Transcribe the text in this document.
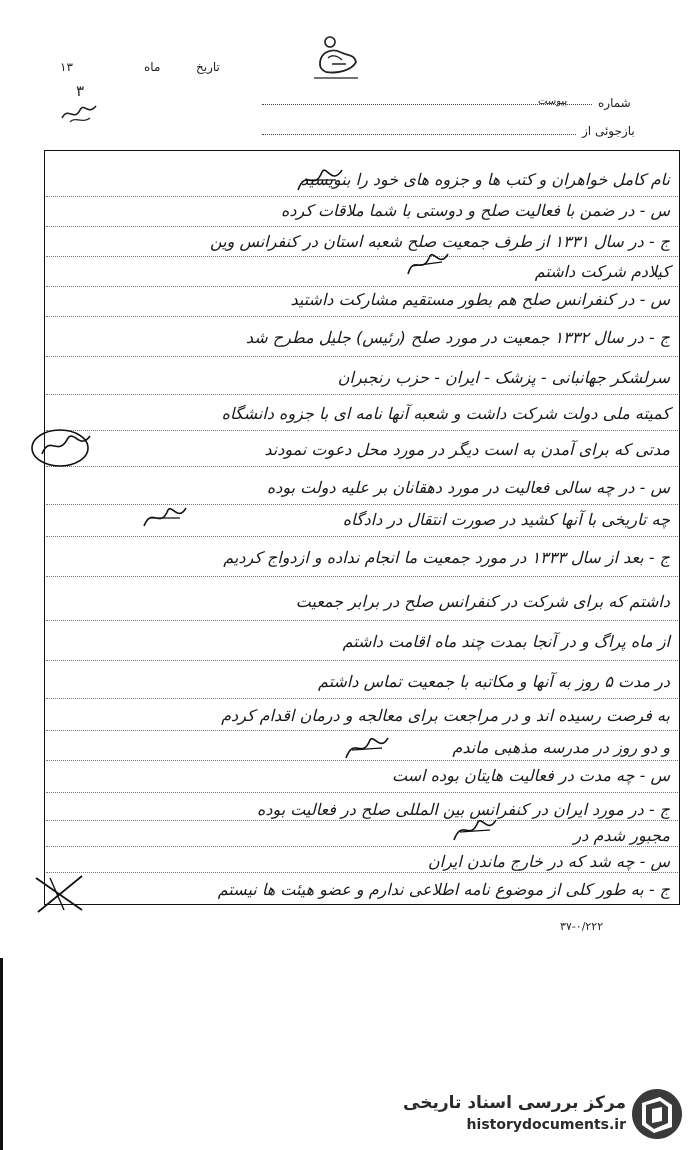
۱۳	ماه	تاریخ
۳
شماره
پیوست
بازجوئی از
نام کامل خواهران و کتب ها و جزوه های خود را بنویسید
س - در ضمن با فعالیت صلح و دوستی با شما ملاقات کرده
ج - در سال ۱۳۳۱ از طرف جمعیت صلح شعبه استان در کنفرانس وین
کیلادم شرکت داشتم
س - در کنفرانس صلح هم بطور مستقیم مشارکت داشتید
ج - در سال ۱۳۳۲ جمعیت در مورد صلح (رئیس) جلیل مطرح شد
سرلشکر جهانبانی - پزشک - ایران - حزب رنجبران
کمیته ملی دولت شرکت داشت و شعبه آنها نامه ای با جزوه دانشگاه
مدتی که برای آمدن به است دیگر در مورد محل دعوت نمودند
س - در چه سالی فعالیت در مورد دهقانان بر علیه دولت بوده
چه تاریخی با آنها کشید در صورت انتقال در دادگاه
ج - بعد از سال ۱۳۳۳ در مورد جمعیت ما انجام نداده و ازدواج کردیم
داشتم که برای شرکت در کنفرانس صلح در برابر جمعیت
از ماه پراگ و در آنجا بمدت چند ماه اقامت داشتم
در مدت ۵ روز به آنها و مکاتبه با جمعیت تماس داشتم
به فرصت رسیده اند و در مراجعت برای معالجه و درمان اقدام کردم
و دو روز در مدرسه مذهبی ماندم
س - چه مدت در فعالیت هایتان بوده است
ج - در مورد ایران در کنفرانس بین المللی صلح در فعالیت بوده
مجبور شدم در
س - چه شد که در خارج ماندن ایران
ج - به طور کلی از موضوع نامه اطلاعی ندارم و عضو هیئت ها نیستم
۳۷-۰/۲۲۲
مرکز بررسی اسناد تاریخی
historydocuments.ir
